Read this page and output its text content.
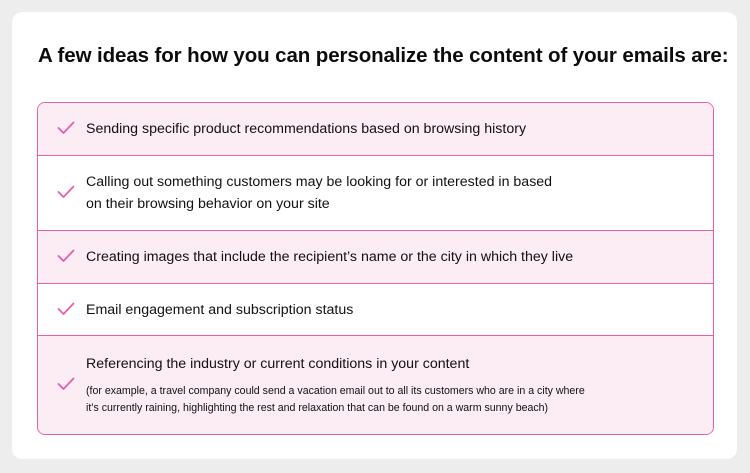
A few ideas for how you can personalize the content of your emails are:
Sending specific product recommendations based on browsing history
Calling out something customers may be looking for or interested in based
on their browsing behavior on your site
Creating images that include the recipient’s name or the city in which they live
Email engagement and subscription status
Referencing the industry or current conditions in your content
(for example, a travel company could send a vacation email out to all its customers who are in a city where
it’s currently raining, highlighting the rest and relaxation that can be found on a warm sunny beach)
